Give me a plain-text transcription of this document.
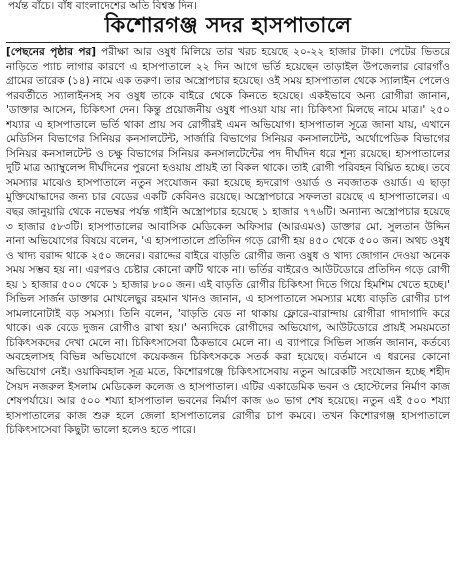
পর্যন্ত বাঁচে। বাঁধ বাংলাদেশের অতি বিশ্বস্ত দিন।
কিশোরগঞ্জ সদর হাসপাতালে
[পেছনের পৃষ্ঠার পর] পরীক্ষা আর ওষুধ মিলিয়ে তার খরচ হয়েছে ২০-২২ হাজার টাকা। পেটের ভিতরে নাড়িতে প্যাচ লাগার কারণে এ হাসপাতালে ২২ দিন আগে ভর্তি হয়েছেন তাড়াইল উপজেলার বোরগাঁও গ্রামের তারেক (১৪) নামে এক তরুণ। তার অস্ত্রোপচার হয়েছে। ওই সময় হাসপাতাল থেকে স্যালাইন পেলেও পরবর্তীতে স্যালাইনসহ সব ওষুধ তাকে বাইরে থেকে কিনতে হয়েছে। একইভাবে অন্য রোগীরা জানান, 'ডাক্তার আসেন, চিকিৎসা দেন। কিন্তু প্রয়োজনীয় ওষুধ পাওয়া যায় না। চিকিৎসা মিলছে নামে মাত্র।' ২৫০ শয্যার এ হাসপাতালে ভর্তি থাকা প্রায় সব রোগীরই এমন অভিযোগ। হাসপাতাল সূত্রে জানা যায়, এখানে মেডিসিন বিভাগের সিনিয়র কনসালটেন্ট, সার্জারি বিভাগের সিনিয়র কনসালটেন্ট, অর্থোপেডিক বিভাগের সিনিয়র কনসালটেন্ট ও চক্ষু বিভাগের সিনিয়র কনসালটেন্টের পদ দীর্ঘদিন ধরে শূন্য রয়েছে। হাসপাতালের দুটি মাত্র অ্যাম্বুলেন্স দীর্ঘদিনের পুরনো হওয়ায় প্রায়ই তা বিকল থাকে। তাই রোগী পরিবহন বিঘ্নিত হচ্ছে। তবে সমস্যার মাঝেও হাসপাতালে নতুন সংযোজন করা হয়েছে হৃদরোগ ওয়ার্ড ও নবজাতক ওয়ার্ড। এ ছাড়া মুক্তিযোদ্ধাদের জন্য চার বেডের একটি কেবিনও রয়েছে। অস্ত্রোপচারে সফলতা রয়েছে এ হাসপাতালের। এ বছর জানুয়ারি থেকে নভেম্বর পর্যন্ত গাইনি অস্ত্রোপচার হয়েছে ১ হাজার ৭৭৬টি। অন্যান্য অস্ত্রোপচার হয়েছে ৩ হাজার ৫৮৩টি। হাসপাতালের আবাসিক মেডিকেল অফিসার (আরএমও) ডাক্তার মো. সুলতান উদ্দিন নানা অভিযোগের বিষয়ে বলেন, 'এ হাসপাতালে প্রতিদিন গড়ে রোগী হয় ৪৫০ থেকে ৫০০ জন। অথচ ওষুধ ও খাদ্য বরাদ্দ থাকে ২৫০ জনের। বরাদ্দের বাইরে বাড়তি রোগীর জন্য ওষুধ ও খাদ্য জোগান দেওয়া অনেক সময় সম্ভব হয় না। এরপরও চেষ্টার কোনো ত্রুটি থাকে না। ভর্তির বাইরেও আউটডোরে প্রতিদিন গড়ে রোগী হয় ১ হাজার ৫০০ থেকে ১ হাজার ৮০০ জন। এই বাড়তি রোগীর চিকিৎসা দিতে গিয়ে হিমশিম খেতে হচ্ছে।' সিভিল সার্জন ডাক্তার মোখলেছুর রহমান খানও জানান, এ হাসপাতালে সমস্যার মধ্যে বাড়তি রোগীর চাপ সামলানোটাই বড় সমস্যা। তিনি বলেন, 'বাড়তি বেড না থাকায় ফ্লোরে-বারান্দায় রোগীরা গাদাগাদি করে থাকে। এক বেডে দুজন রোগীও রাখা হয়।' অন্যদিকে রোগীদের অভিযোগ, আউটডোরে প্রায়ই সময়মতো চিকিৎসকদের দেখা মেলে না। চিকিৎসাসেবা ঠিকভাবে মেলে না। এ ব্যাপারে সিভিল সার্জন জানান, কর্তব্যে অবহেলাসহ বিভিন্ন অভিযোগে কয়েকজন চিকিৎসককে সতর্ক করা হয়েছে। বর্তমানে এ ধরনের কোনো অভিযোগ নেই। ওয়াকিবহাল সূত্র মতে, কিশোরগঞ্জে চিকিৎসাসেবায় নতুন আরেকটি সংযোজন হচ্ছে শহীদ সৈয়দ নজরুল ইসলাম মেডিকেল কলেজ ও হাসপাতাল। এটির একাডেমিক ভবন ও হোস্টেলের নির্মাণ কাজ শেষপর্যায়ে। আর ৫০০ শয্যা হাসপাতাল ভবনের নির্মাণ কাজ ৬০ ভাগ শেষ হয়েছে। নতুন এই ৫০০ শয্যা হাসপাতালের কাজ শুরু হলে জেলা হাসপাতালের রোগীর চাপ কমবে। তখন কিশোরগঞ্জ হাসপাতালে চিকিৎসাসেবা কিছুটা ভালো হলেও হতে পারে।
